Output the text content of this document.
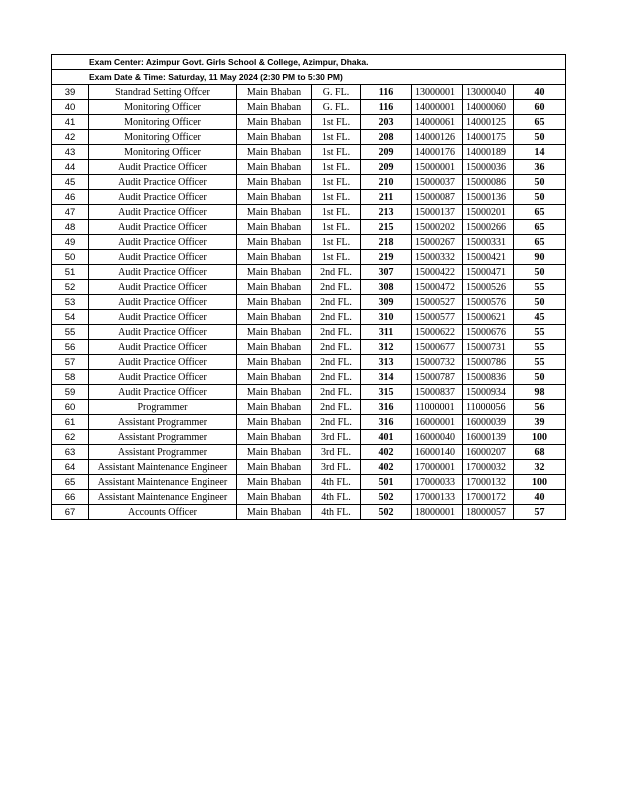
Exam Center: Azimpur Govt. Girls School & College, Azimpur, Dhaka.							
Exam Date & Time: Saturday, 11 May 2024 (2:30 PM to 5:30 PM)							
39	Standrad Setting Offcer	Main Bhaban	G. FL.	116	13000001	13000040	40
40	Monitoring Officer	Main Bhaban	G. FL.	116	14000001	14000060	60
41	Monitoring Officer	Main Bhaban	1st FL.	203	14000061	14000125	65
42	Monitoring Officer	Main Bhaban	1st FL.	208	14000126	14000175	50
43	Monitoring Officer	Main Bhaban	1st FL.	209	14000176	14000189	14
44	Audit Practice Officer	Main Bhaban	1st FL.	209	15000001	15000036	36
45	Audit Practice Officer	Main Bhaban	1st FL.	210	15000037	15000086	50
46	Audit Practice Officer	Main Bhaban	1st FL.	211	15000087	15000136	50
47	Audit Practice Officer	Main Bhaban	1st FL.	213	15000137	15000201	65
48	Audit Practice Officer	Main Bhaban	1st FL.	215	15000202	15000266	65
49	Audit Practice Officer	Main Bhaban	1st FL.	218	15000267	15000331	65
50	Audit Practice Officer	Main Bhaban	1st FL.	219	15000332	15000421	90
51	Audit Practice Officer	Main Bhaban	2nd FL.	307	15000422	15000471	50
52	Audit Practice Officer	Main Bhaban	2nd FL.	308	15000472	15000526	55
53	Audit Practice Officer	Main Bhaban	2nd FL.	309	15000527	15000576	50
54	Audit Practice Officer	Main Bhaban	2nd FL.	310	15000577	15000621	45
55	Audit Practice Officer	Main Bhaban	2nd FL.	311	15000622	15000676	55
56	Audit Practice Officer	Main Bhaban	2nd FL.	312	15000677	15000731	55
57	Audit Practice Officer	Main Bhaban	2nd FL.	313	15000732	15000786	55
58	Audit Practice Officer	Main Bhaban	2nd FL.	314	15000787	15000836	50
59	Audit Practice Officer	Main Bhaban	2nd FL.	315	15000837	15000934	98
60	Programmer	Main Bhaban	2nd FL.	316	11000001	11000056	56
61	Assistant Programmer	Main Bhaban	2nd FL.	316	16000001	16000039	39
62	Assistant Programmer	Main Bhaban	3rd FL.	401	16000040	16000139	100
63	Assistant Programmer	Main Bhaban	3rd FL.	402	16000140	16000207	68
64	Assistant Maintenance Engineer	Main Bhaban	3rd FL.	402	17000001	17000032	32
65	Assistant Maintenance Engineer	Main Bhaban	4th FL.	501	17000033	17000132	100
66	Assistant Maintenance Engineer	Main Bhaban	4th FL.	502	17000133	17000172	40
67	Accounts Officer	Main Bhaban	4th FL.	502	18000001	18000057	57
